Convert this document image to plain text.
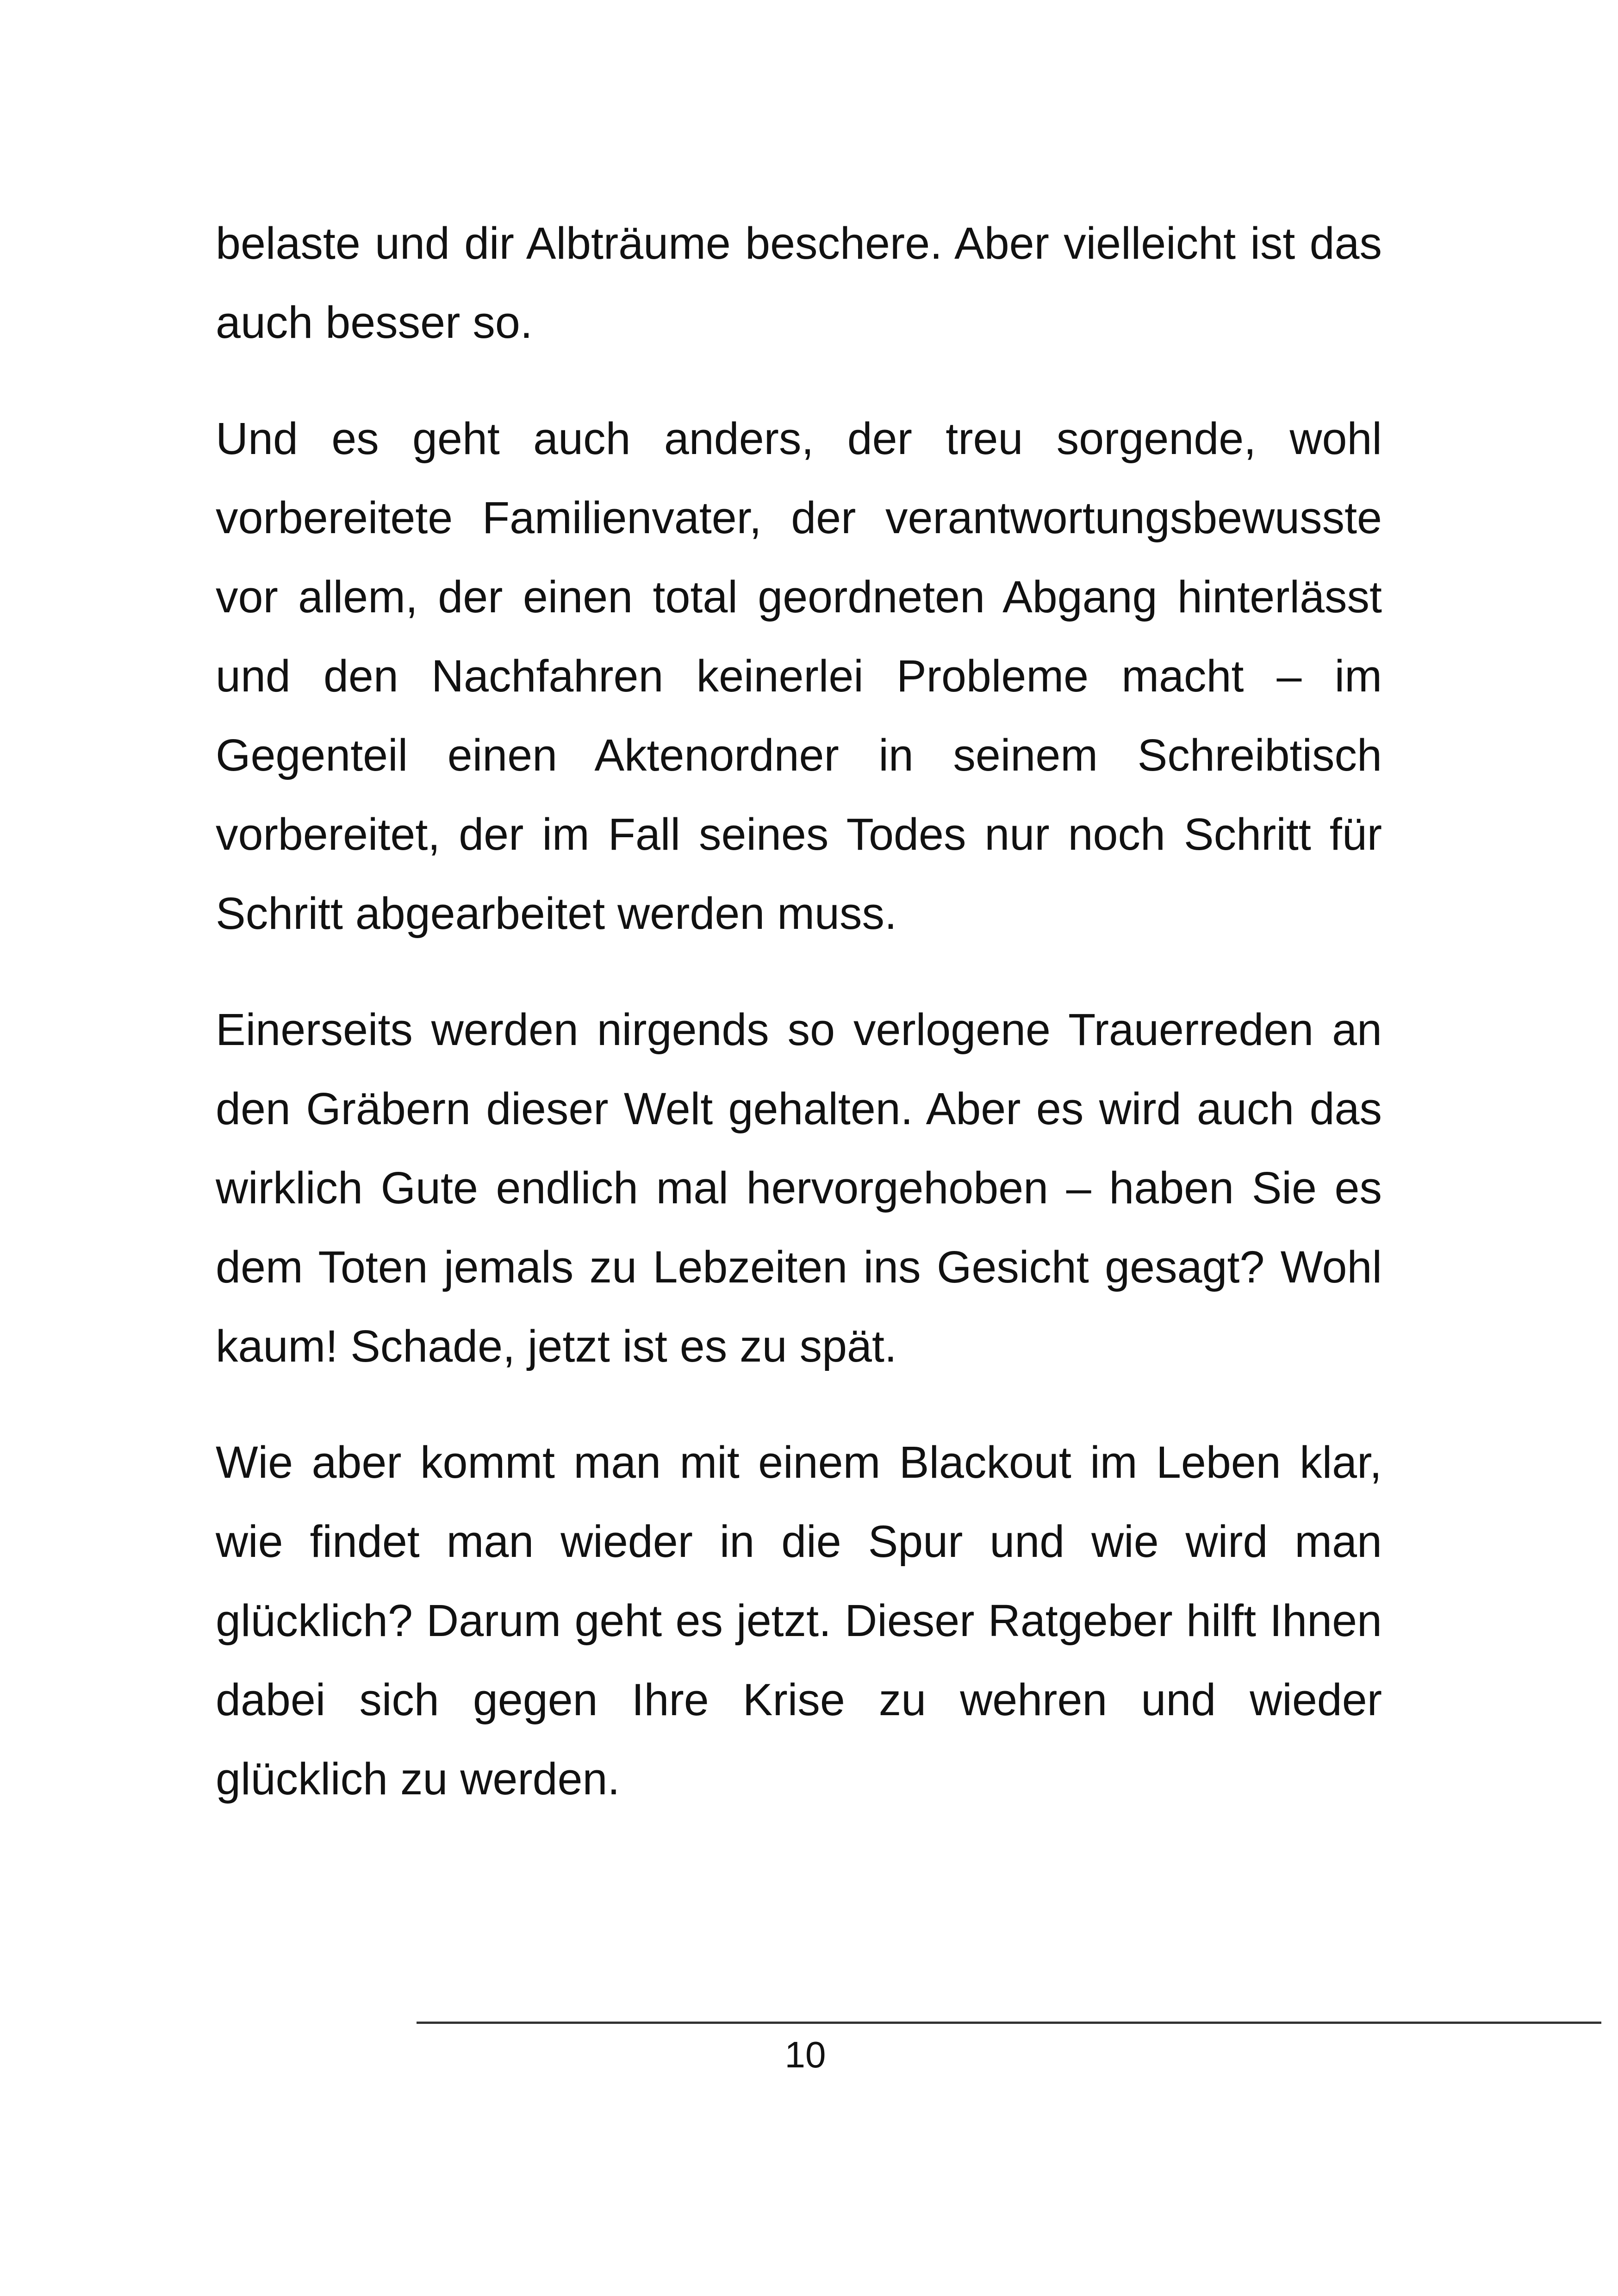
belaste und dir Albträume beschere. Aber vielleicht ist das auch besser so.

Und es geht auch anders, der treu sorgende, wohl vorbereitete Familienvater, der verantwortungsbewusste vor allem, der einen total geordneten Abgang hinterlässt und den Nachfahren keinerlei Probleme macht – im Gegenteil einen Aktenordner in seinem Schreibtisch vorbereitet, der im Fall seines Todes nur noch Schritt für Schritt abgearbeitet werden muss.

Einerseits werden nirgends so verlogene Trauerreden an den Gräbern dieser Welt gehalten. Aber es wird auch das wirklich Gute endlich mal hervorgehoben – haben Sie es dem Toten jemals zu Lebzeiten ins Gesicht gesagt? Wohl kaum! Schade, jetzt ist es zu spät.

Wie aber kommt man mit einem Blackout im Leben klar, wie findet man wieder in die Spur und wie wird man glücklich? Darum geht es jetzt. Dieser Ratgeber hilft Ihnen dabei sich gegen Ihre Krise zu wehren und wieder glücklich zu werden.

10
